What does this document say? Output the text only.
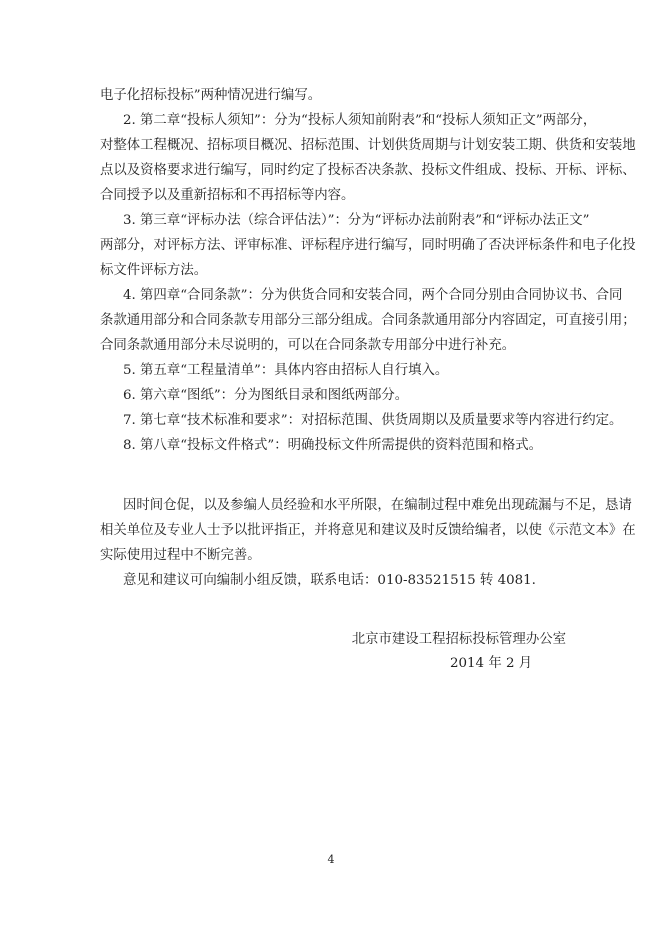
电子化招标投标”两种情况进行编写。
2. 第二章“投标人须知”：分为“投标人须知前附表”和“投标人须知正文”两部分，
对整体工程概况、招标项目概况、招标范围、计划供货周期与计划安装工期、供货和安装地
点以及资格要求进行编写，同时约定了投标否决条款、投标文件组成、投标、开标、评标、
合同授予以及重新招标和不再招标等内容。
3. 第三章“评标办法（综合评估法）”：分为“评标办法前附表”和“评标办法正文”
两部分，对评标方法、评审标准、评标程序进行编写，同时明确了否决评标条件和电子化投
标文件评标方法。
4. 第四章“合同条款”：分为供货合同和安装合同，两个合同分别由合同协议书、合同
条款通用部分和合同条款专用部分三部分组成。合同条款通用部分内容固定，可直接引用；
合同条款通用部分未尽说明的，可以在合同条款专用部分中进行补充。
5. 第五章“工程量清单”：具体内容由招标人自行填入。
6. 第六章“图纸”：分为图纸目录和图纸两部分。
7. 第七章“技术标准和要求”：对招标范围、供货周期以及质量要求等内容进行约定。
8. 第八章“投标文件格式”：明确投标文件所需提供的资料范围和格式。
因时间仓促，以及参编人员经验和水平所限，在编制过程中难免出现疏漏与不足，恳请
相关单位及专业人士予以批评指正，并将意见和建议及时反馈给编者，以使《示范文本》在
实际使用过程中不断完善。
意见和建议可向编制小组反馈，联系电话：010-83521515 转 4081.
北京市建设工程招标投标管理办公室
2014 年 2 月
4
